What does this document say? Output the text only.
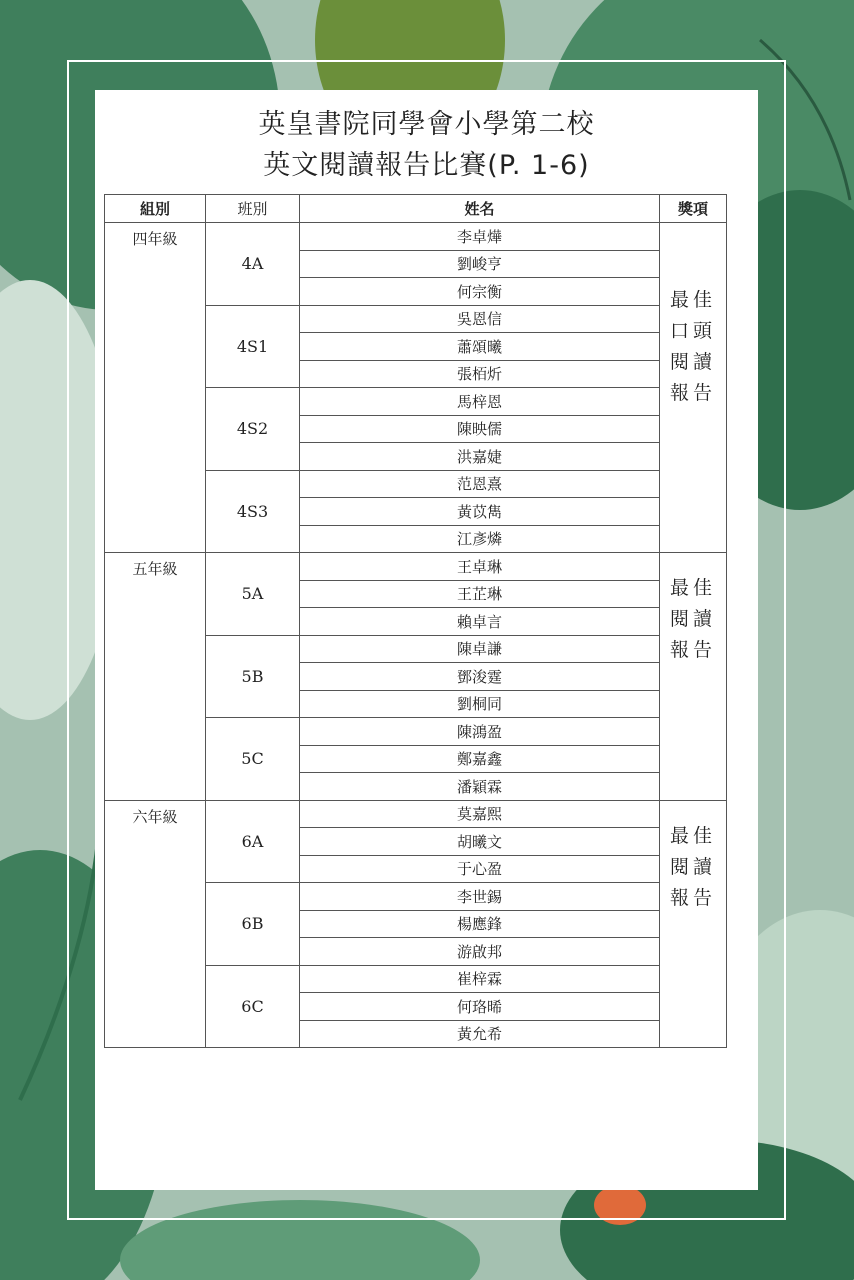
英皇書院同學會小學第二校
英文閱讀報告比賽(P. 1-6)
組別	班別	姓名	獎項
四年級	4A	李卓燁	最佳口頭閱讀報告
		劉峻亨	
		何宗衡	
	4S1	吳恩信	
		蕭頌曦	
		張栢炘	
	4S2	馬梓恩	
		陳映儒	
		洪嘉婕	
	4S3	范恩熹	
		黃苡雋	
		江彥燐	
五年級	5A	王卓琳	最佳閱讀報告
		王芷琳	
		賴卓言	
	5B	陳卓謙	
		鄧浚霆	
		劉桐同	
	5C	陳鴻盈	
		鄭嘉鑫	
		潘穎霖	
六年級	6A	莫嘉熙	最佳閱讀報告
		胡曦文	
		于心盈	
	6B	李世錫	
		楊應鋒	
		游啟邦	
	6C	崔梓霖	
		何珞晞	
		黃允希	
